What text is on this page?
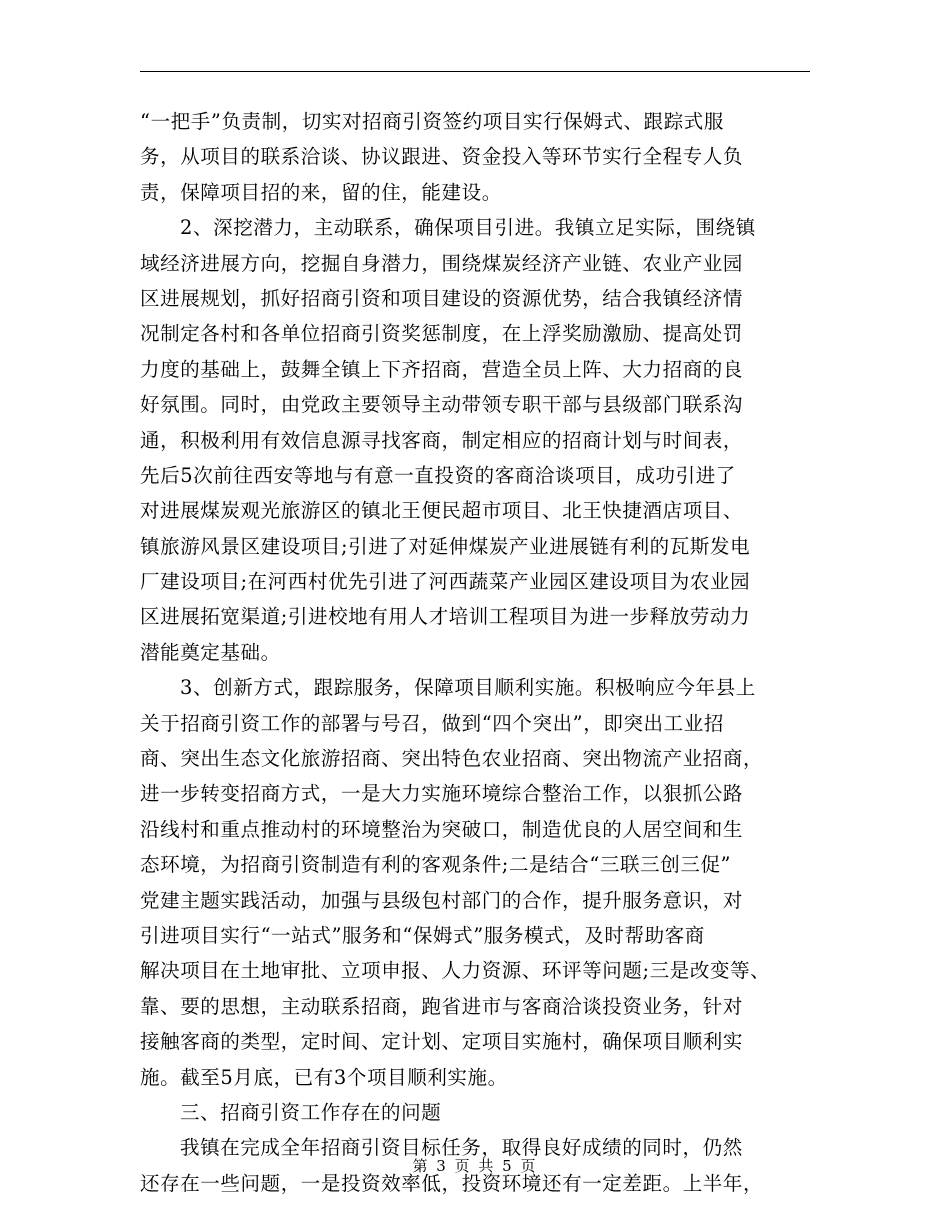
“一把手”负责制，切实对招商引资签约项目实行保姆式、跟踪式服
务，从项目的联系洽谈、协议跟进、资金投入等环节实行全程专人负
责，保障项目招的来，留的住，能建设。
2、深挖潜力，主动联系，确保项目引进。我镇立足实际，围绕镇
域经济进展方向，挖掘自身潜力，围绕煤炭经济产业链、农业产业园
区进展规划，抓好招商引资和项目建设的资源优势，结合我镇经济情
况制定各村和各单位招商引资奖惩制度，在上浮奖励激励、提高处罚
力度的基础上，鼓舞全镇上下齐招商，营造全员上阵、大力招商的良
好氛围。同时，由党政主要领导主动带领专职干部与县级部门联系沟
通，积极利用有效信息源寻找客商，制定相应的招商计划与时间表，
先后5次前往西安等地与有意一直投资的客商洽谈项目，成功引进了
对进展煤炭观光旅游区的镇北王便民超市项目、北王快捷酒店项目、
镇旅游风景区建设项目;引进了对延伸煤炭产业进展链有利的瓦斯发电
厂建设项目;在河西村优先引进了河西蔬菜产业园区建设项目为农业园
区进展拓宽渠道;引进校地有用人才培训工程项目为进一步释放劳动力
潜能奠定基础。
3、创新方式，跟踪服务，保障项目顺利实施。积极响应今年县上
关于招商引资工作的部署与号召，做到“四个突出”，即突出工业招
商、突出生态文化旅游招商、突出特色农业招商、突出物流产业招商，
进一步转变招商方式，一是大力实施环境综合整治工作，以狠抓公路
沿线村和重点推动村的环境整治为突破口，制造优良的人居空间和生
态环境，为招商引资制造有利的客观条件;二是结合“三联三创三促”
党建主题实践活动，加强与县级包村部门的合作，提升服务意识，对
引进项目实行“一站式”服务和“保姆式”服务模式，及时帮助客商
解决项目在土地审批、立项申报、人力资源、环评等问题;三是改变等、
靠、要的思想，主动联系招商，跑省进市与客商洽谈投资业务，针对
接触客商的类型，定时间、定计划、定项目实施村，确保项目顺利实
施。截至5月底，已有3个项目顺利实施。
三、招商引资工作存在的问题
我镇在完成全年招商引资目标任务，取得良好成绩的同时，仍然
还存在一些问题，一是投资效率低，投资环境还有一定差距。上半年，
第 3 页 共 5 页
